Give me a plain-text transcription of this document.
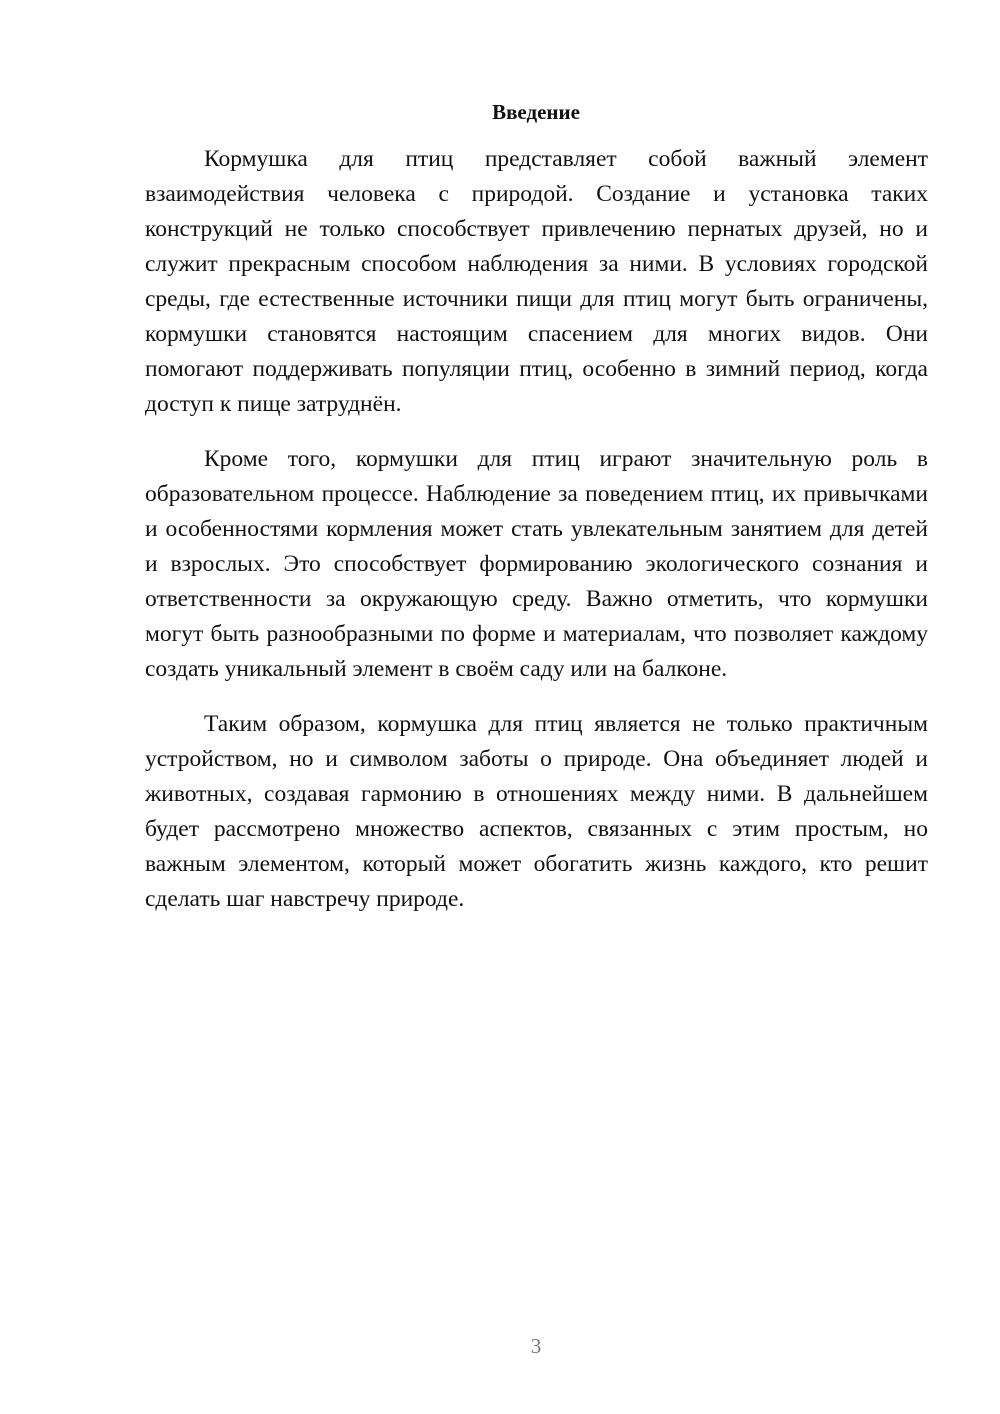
Введение

Кормушка для птиц представляет собой важный элемент взаимодействия человека с природой. Создание и установка таких конструкций не только способствует привлечению пернатых друзей, но и служит прекрасным способом наблюдения за ними. В условиях городской среды, где естественные источники пищи для птиц могут быть ограничены, кормушки становятся настоящим спасением для многих видов. Они помогают поддерживать популяции птиц, особенно в зимний период, когда доступ к пище затруднён.

Кроме того, кормушки для птиц играют значительную роль в образовательном процессе. Наблюдение за поведением птиц, их привычками и особенностями кормления может стать увлекательным занятием для детей и взрослых. Это способствует формированию экологического сознания и ответственности за окружающую среду. Важно отметить, что кормушки могут быть разнообразными по форме и материалам, что позволяет каждому создать уникальный элемент в своём саду или на балконе.

Таким образом, кормушка для птиц является не только практичным устройством, но и символом заботы о природе. Она объединяет людей и животных, создавая гармонию в отношениях между ними. В дальнейшем будет рассмотрено множество аспектов, связанных с этим простым, но важным элементом, который может обогатить жизнь каждого, кто решит сделать шаг навстречу природе.

3
